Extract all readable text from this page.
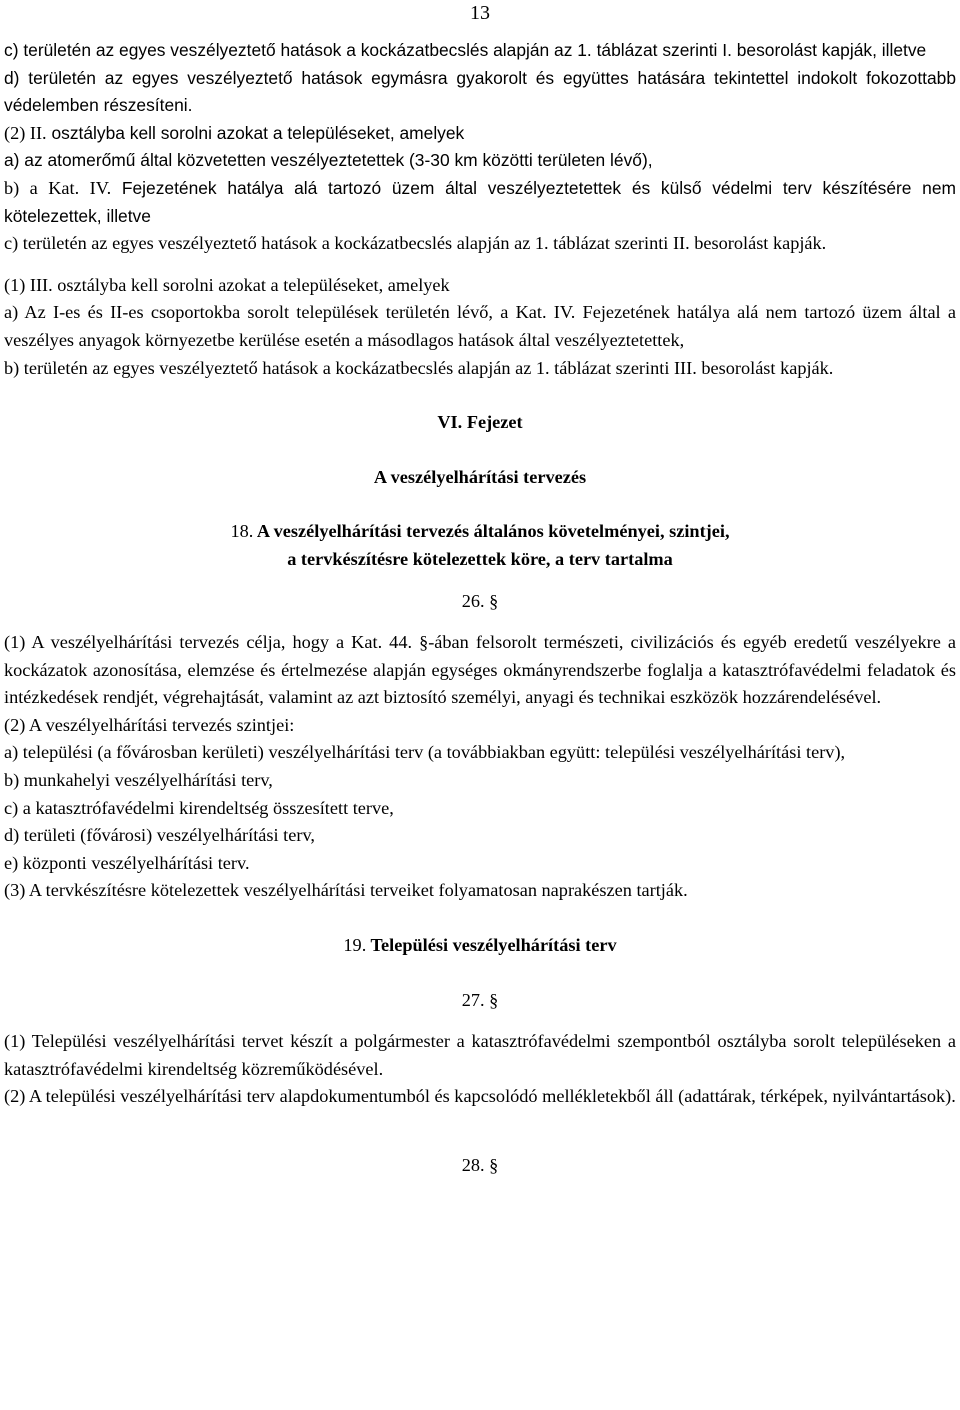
13

c) területén az egyes veszélyeztető hatások a kockázatbecslés alapján az 1. táblázat szerinti I. besorolást kapják, illetve

d) területén az egyes veszélyeztető hatások egymásra gyakorolt és együttes hatására tekintettel indokolt fokozottabb védelemben részesíteni.

(2) II. osztályba kell sorolni azokat a településeket, amelyek

a) az atomerőmű által közvetetten veszélyeztetettek (3-30 km közötti területen lévő),

b) a Kat. IV. Fejezetének hatálya alá tartozó üzem által veszélyeztetettek és külső védelmi terv készítésére nem kötelezettek, illetve

c) területén az egyes veszélyeztető hatások a kockázatbecslés alapján az 1. táblázat szerinti II. besorolást kapják.

(1) III. osztályba kell sorolni azokat a településeket, amelyek

a) Az I-es és II-es csoportokba sorolt települések területén lévő, a Kat. IV. Fejezetének hatálya alá nem tartozó üzem által a veszélyes anyagok környezetbe kerülése esetén a másodlagos hatások által veszélyeztetettek,

b) területén az egyes veszélyeztető hatások a kockázatbecslés alapján az 1. táblázat szerinti III. besorolást kapják.

VI. Fejezet

A veszélyelhárítási tervezés

18. A veszélyelhárítási tervezés általános követelményei, szintjei,

a tervkészítésre kötelezettek köre, a terv tartalma

26. §

(1) A veszélyelhárítási tervezés célja, hogy a Kat. 44. §-ában felsorolt természeti, civilizációs és egyéb eredetű veszélyekre a kockázatok azonosítása, elemzése és értelmezése alapján egységes okmányrendszerbe foglalja a katasztrófavédelmi feladatok és intézkedések rendjét, végrehajtását, valamint az azt biztosító személyi, anyagi és technikai eszközök hozzárendelésével.

(2) A veszélyelhárítási tervezés szintjei:

a) települési (a fővárosban kerületi) veszélyelhárítási terv (a továbbiakban együtt: települési veszélyelhárítási terv),

b) munkahelyi veszélyelhárítási terv,

c) a katasztrófavédelmi kirendeltség összesített terve,

d) területi (fővárosi) veszélyelhárítási terv,

e) központi veszélyelhárítási terv.

(3) A tervkészítésre kötelezettek veszélyelhárítási terveiket folyamatosan naprakészen tartják.

19. Települési veszélyelhárítási terv

27. §

(1) Települési veszélyelhárítási tervet készít a polgármester a katasztrófavédelmi szempontból osztályba sorolt településeken a katasztrófavédelmi kirendeltség közreműködésével.

(2) A települési veszélyelhárítási terv alapdokumentumból és kapcsolódó mellékletekből áll (adattárak, térképek, nyilvántartások).

28. §
